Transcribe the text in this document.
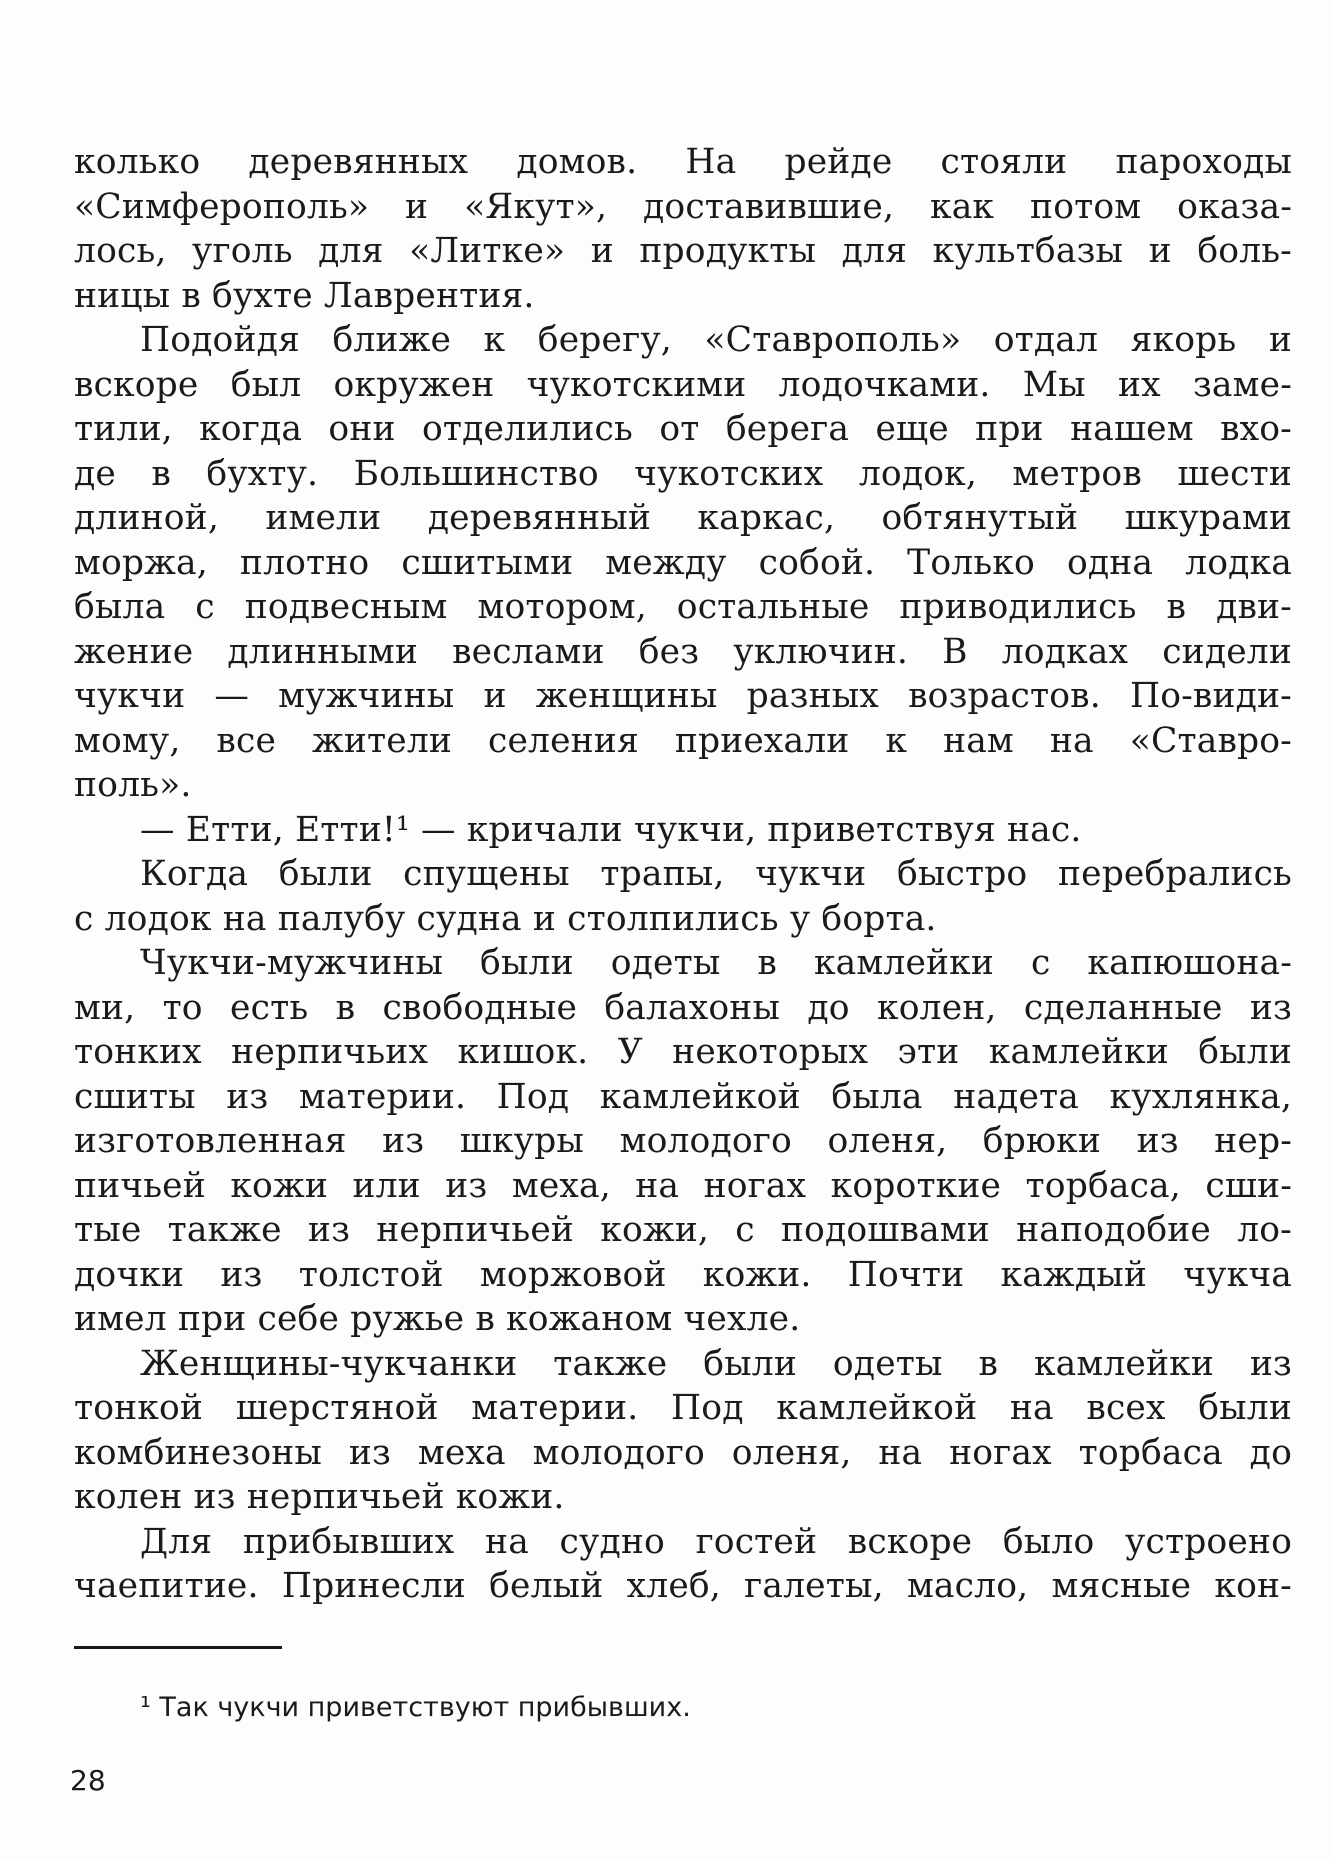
колько деревянных домов. На рейде стояли пароходы
«Симферополь» и «Якут», доставившие, как потом оказа-
лось, уголь для «Литке» и продукты для культбазы и боль-
ницы в бухте Лаврентия.
Подойдя ближе к берегу, «Ставрополь» отдал якорь и
вскоре был окружен чукотскими лодочками. Мы их заме-
тили, когда они отделились от берега еще при нашем вхо-
де в бухту. Большинство чукотских лодок, метров шести
длиной, имели деревянный каркас, обтянутый шкурами
моржа, плотно сшитыми между собой. Только одна лодка
была с подвесным мотором, остальные приводились в дви-
жение длинными веслами без уключин. В лодках сидели
чукчи — мужчины и женщины разных возрастов. По-види-
мому, все жители селения приехали к нам на «Ставро-
поль».
— Етти, Етти!¹ — кричали чукчи, приветствуя нас.
Когда были спущены трапы, чукчи быстро перебрались
с лодок на палубу судна и столпились у борта.
Чукчи-мужчины были одеты в камлейки с капюшона-
ми, то есть в свободные балахоны до колен, сделанные из
тонких нерпичьих кишок. У некоторых эти камлейки были
сшиты из материи. Под камлейкой была надета кухлянка,
изготовленная из шкуры молодого оленя, брюки из нер-
пичьей кожи или из меха, на ногах короткие торбаса, сши-
тые также из нерпичьей кожи, с подошвами наподобие ло-
дочки из толстой моржовой кожи. Почти каждый чукча
имел при себе ружье в кожаном чехле.
Женщины-чукчанки также были одеты в камлейки из
тонкой шерстяной материи. Под камлейкой на всех были
комбинезоны из меха молодого оленя, на ногах торбаса до
колен из нерпичьей кожи.
Для прибывших на судно гостей вскоре было устроено
чаепитие. Принесли белый хлеб, галеты, масло, мясные кон-
¹ Так чукчи приветствуют прибывших.
28
